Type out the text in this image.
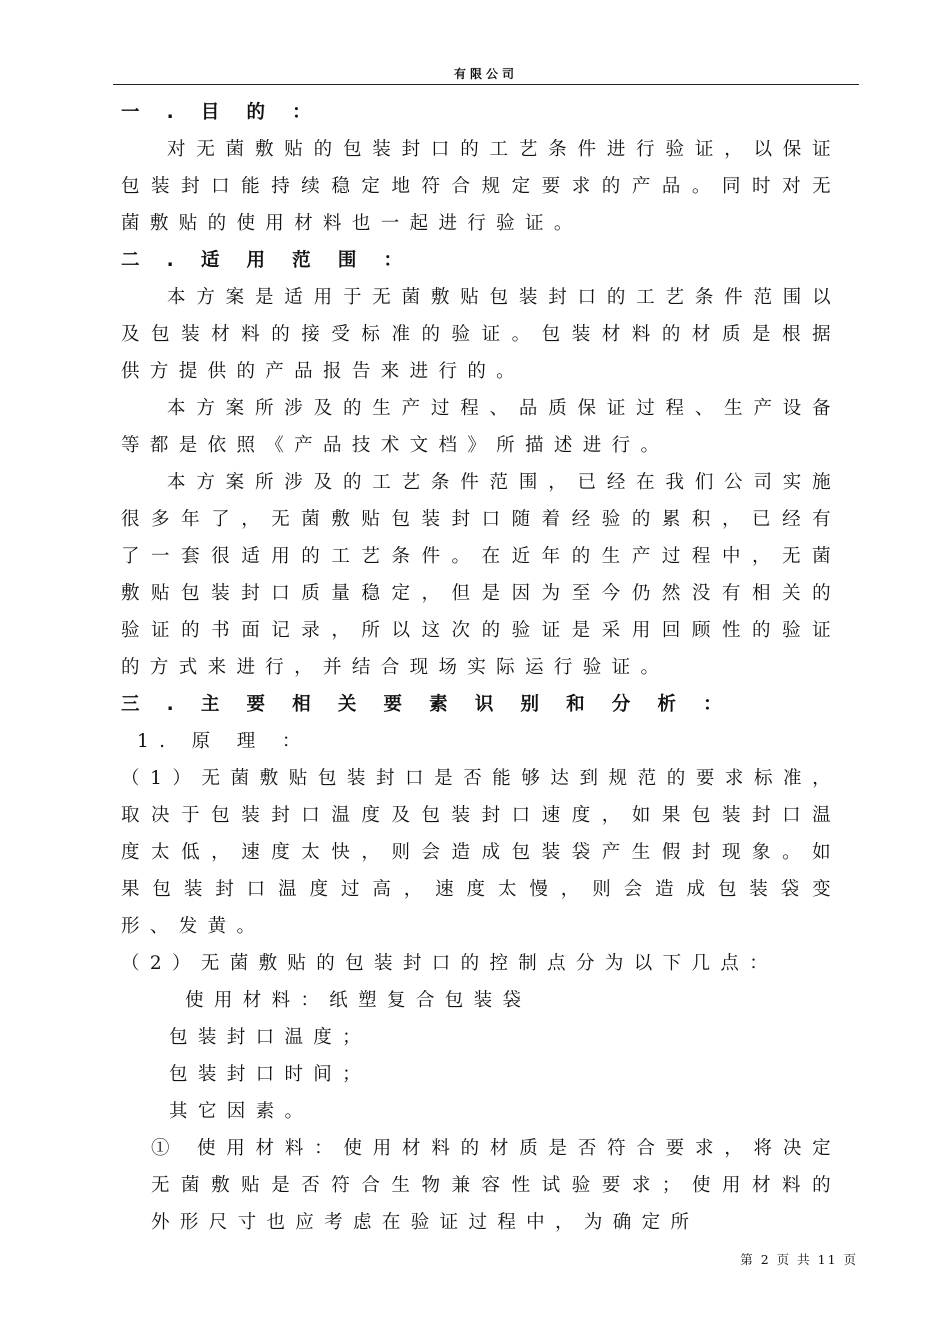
有限公司

一 . 目 的 ：

对无菌敷贴的包装封口的工艺条件进行验证，以保证包装封口能持续稳定地符合规定要求的产品。同时对无菌敷贴的使用材料也一起进行验证。

二 . 适 用 范 围 ：

本方案是适用于无菌敷贴包装封口的工艺条件范围以及包装材料的接受标准的验证。包装材料的材质是根据供方提供的产品报告来进行的。

本方案所涉及的生产过程、品质保证过程、生产设备等都是依照《产品技术文档》所描述进行。

本方案所涉及的工艺条件范围，已经在我们公司实施很多年了，无菌敷贴包装封口随着经验的累积，已经有了一套很适用的工艺条件。在近年的生产过程中，无菌敷贴包装封口质量稳定，但是因为至今仍然没有相关的验证的书面记录，所以这次的验证是采用回顾性的验证的方式来进行，并结合现场实际运行验证。

三 . 主 要 相 关 要 素 识 别 和 分 析 ：

1. 原 理 ：

（1）无菌敷贴包装封口是否能够达到规范的要求标准，取决于包装封口温度及包装封口速度，如果包装封口温度太低，速度太快，则会造成包装袋产生假封现象。如果包装封口温度过高，速度太慢，则会造成包装袋变形、发黄。

（2）无菌敷贴的包装封口的控制点分为以下几点：

使用材料：纸塑复合包装袋

包装封口温度；

包装封口时间；

其它因素。

① 使用材料：使用材料的材质是否符合要求，将决定无菌敷贴是否符合生物兼容性试验要求；使用材料的外形尺寸也应考虑在验证过程中，为确定所

第 2 页 共 11 页
